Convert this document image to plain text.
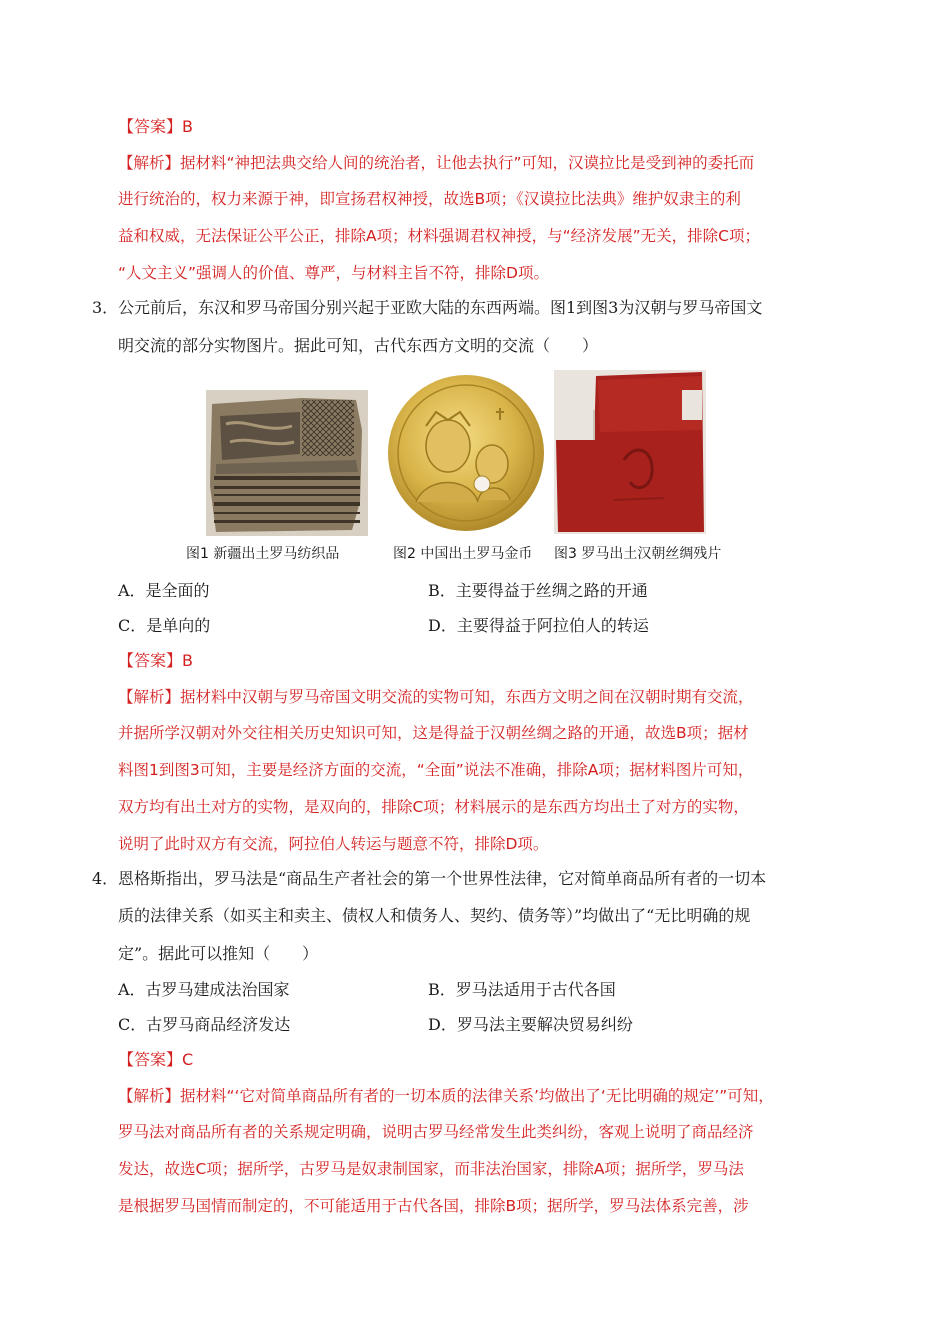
【答案】B
【解析】据材料“神把法典交给人间的统治者，让他去执行”可知，汉谟拉比是受到神的委托而
进行统治的，权力来源于神，即宣扬君权神授，故选B项；《汉谟拉比法典》维护奴隶主的利
益和权威，无法保证公平公正，排除A项；材料强调君权神授，与“经济发展”无关，排除C项；
“人文主义”强调人的价值、尊严，与材料主旨不符，排除D项。
3． 公元前后，东汉和罗马帝国分别兴起于亚欧大陆的东西两端。图1到图3为汉朝与罗马帝国文
明交流的部分实物图片。据此可知，古代东西方文明的交流（　　）
图1 新疆出土罗马纺织品	图2 中国出土罗马金币 图3 罗马出土汉朝丝绸残片
A．是全面的	B．主要得益于丝绸之路的开通
C．是单向的	D．主要得益于阿拉伯人的转运
【答案】B
【解析】据材料中汉朝与罗马帝国文明交流的实物可知，东西方文明之间在汉朝时期有交流，
并据所学汉朝对外交往相关历史知识可知，这是得益于汉朝丝绸之路的开通，故选B项；据材
料图1到图3可知，主要是经济方面的交流，“全面”说法不准确，排除A项；据材料图片可知，
双方均有出土对方的实物，是双向的，排除C项；材料展示的是东西方均出土了对方的实物，
说明了此时双方有交流，阿拉伯人转运与题意不符，排除D项。
4． 恩格斯指出，罗马法是“商品生产者社会的第一个世界性法律，它对简单商品所有者的一切本
质的法律关系（如买主和卖主、债权人和债务人、契约、债务等）”均做出了“无比明确的规
定”。据此可以推知（　　）
A．古罗马建成法治国家	B．罗马法适用于古代各国
C．古罗马商品经济发达	D．罗马法主要解决贸易纠纷
【答案】C
【解析】据材料“‘它对简单商品所有者的一切本质的法律关系’均做出了‘无比明确的规定’”可知，
罗马法对商品所有者的关系规定明确，说明古罗马经常发生此类纠纷，客观上说明了商品经济
发达，故选C项；据所学，古罗马是奴隶制国家，而非法治国家，排除A项；据所学，罗马法
是根据罗马国情而制定的，不可能适用于古代各国，排除B项；据所学，罗马法体系完善，涉
